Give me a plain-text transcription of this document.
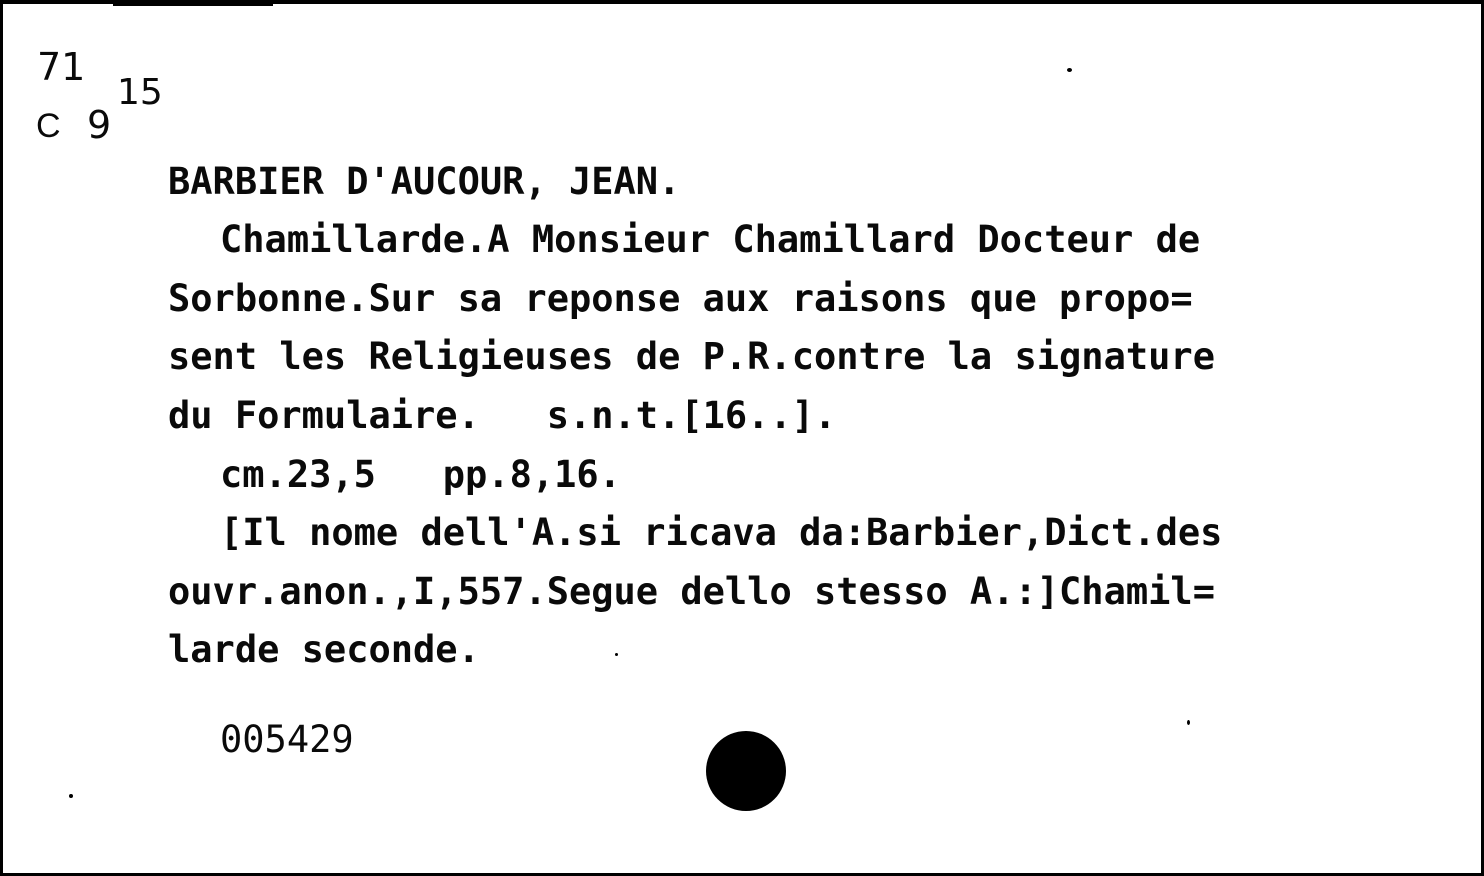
71
C 9
15
BARBIER D'AUCOUR, JEAN.
Chamillarde.A Monsieur Chamillard Docteur de
Sorbonne.Sur sa reponse aux raisons que propo=
sent les Religieuses de P.R.contre la signature
du Formulaire.   s.n.t.[16..].
cm.23,5   pp.8,16.
[Il nome dell'A.si ricava da:Barbier,Dict.des
ouvr.anon.,I,557.Segue dello stesso A.:]Chamil=
larde seconde.
005429
